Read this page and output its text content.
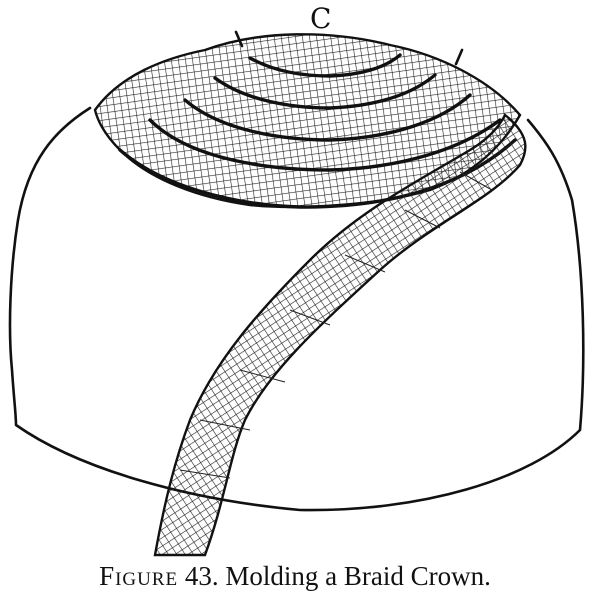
C
Figure 43. Molding a Braid Crown.
